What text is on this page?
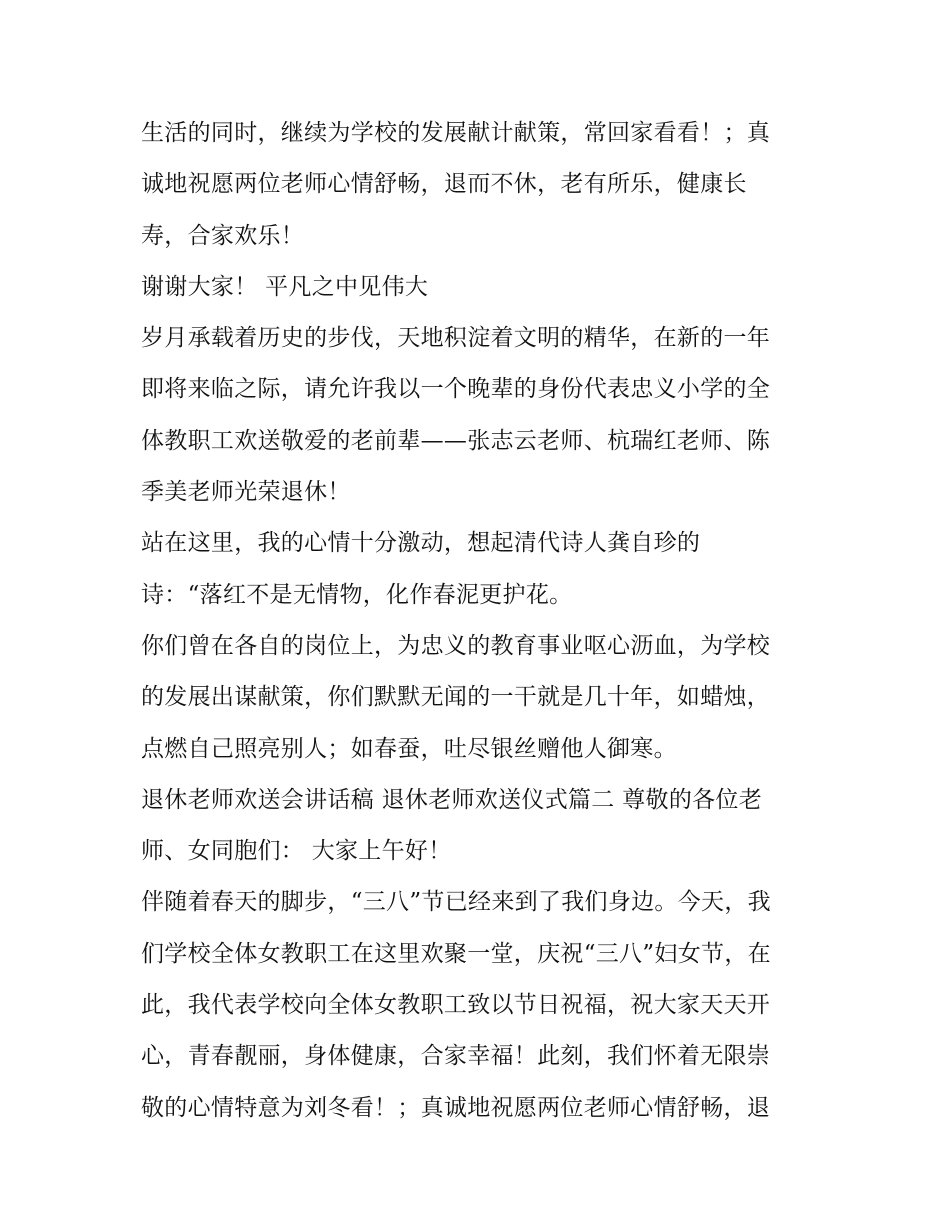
生活的同时，继续为学校的发展献计献策，常回家看看！；真
诚地祝愿两位老师心情舒畅，退而不休，老有所乐，健康长
寿，合家欢乐！
谢谢大家！ 平凡之中见伟大
岁月承载着历史的步伐，天地积淀着文明的精华，在新的一年
即将来临之际，请允许我以一个晚辈的身份代表忠义小学的全
体教职工欢送敬爱的老前辈——张志云老师、杭瑞红老师、陈
季美老师光荣退休！
站在这里，我的心情十分激动，想起清代诗人龚自珍的
诗：“落红不是无情物，化作春泥更护花。
你们曾在各自的岗位上，为忠义的教育事业呕心沥血，为学校
的发展出谋献策，你们默默无闻的一干就是几十年，如蜡烛，
点燃自己照亮别人；如春蚕，吐尽银丝赠他人御寒。
退休老师欢送会讲话稿 退休老师欢送仪式篇二 尊敬的各位老
师、女同胞们： 大家上午好！
伴随着春天的脚步，“三八”节已经来到了我们身边。今天，我
们学校全体女教职工在这里欢聚一堂，庆祝“三八”妇女节，在
此，我代表学校向全体女教职工致以节日祝福，祝大家天天开
心，青春靓丽，身体健康，合家幸福！此刻，我们怀着无限崇
敬的心情特意为刘冬看！；真诚地祝愿两位老师心情舒畅，退
